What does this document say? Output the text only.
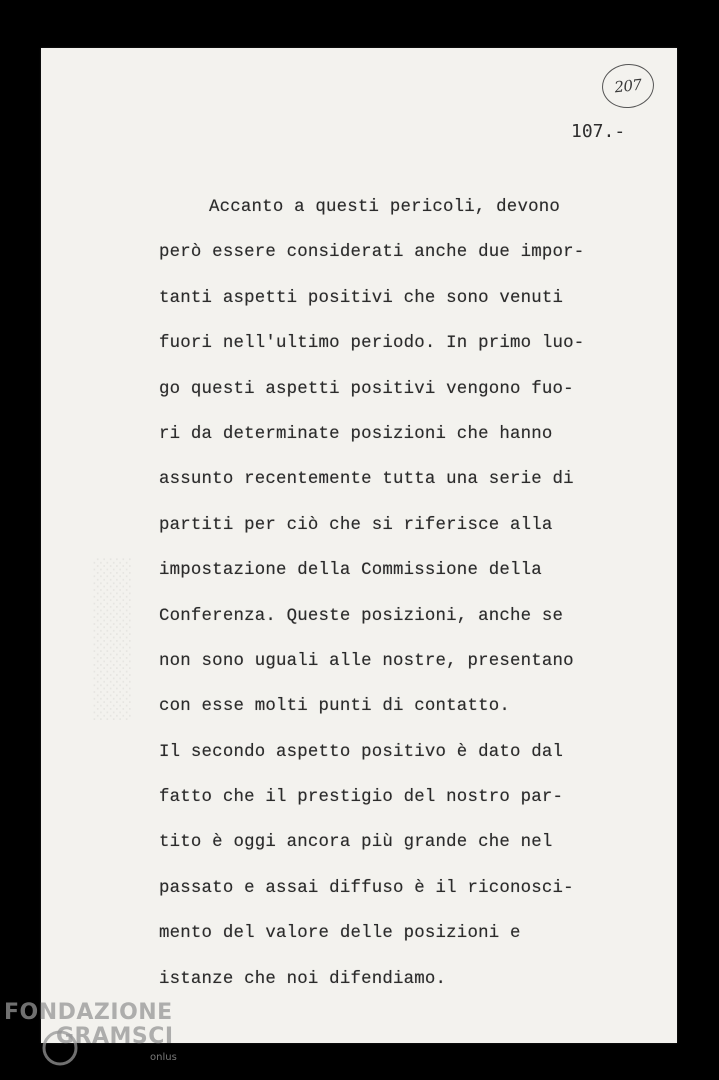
207
107.-
░░░░░░░░
Accanto a questi pericoli, devono
però essere considerati anche due impor-
tanti aspetti positivi che sono venuti
fuori nell'ultimo periodo. In primo luo-
go questi aspetti positivi vengono fuo-
ri da determinate posizioni che hanno
assunto recentemente tutta una serie di
partiti per ciò che si riferisce alla
impostazione della Commissione della
Conferenza. Queste posizioni, anche se
non sono uguali alle nostre, presentano
con esse molti punti di contatto.
Il secondo aspetto positivo è dato dal
fatto che il prestigio del nostro par-
tito è oggi ancora più grande che nel
passato e assai diffuso è il riconosci-
mento del valore delle posizioni e
istanze che noi difendiamo.
FONDAZIONE
GRAMSCI
onlus
